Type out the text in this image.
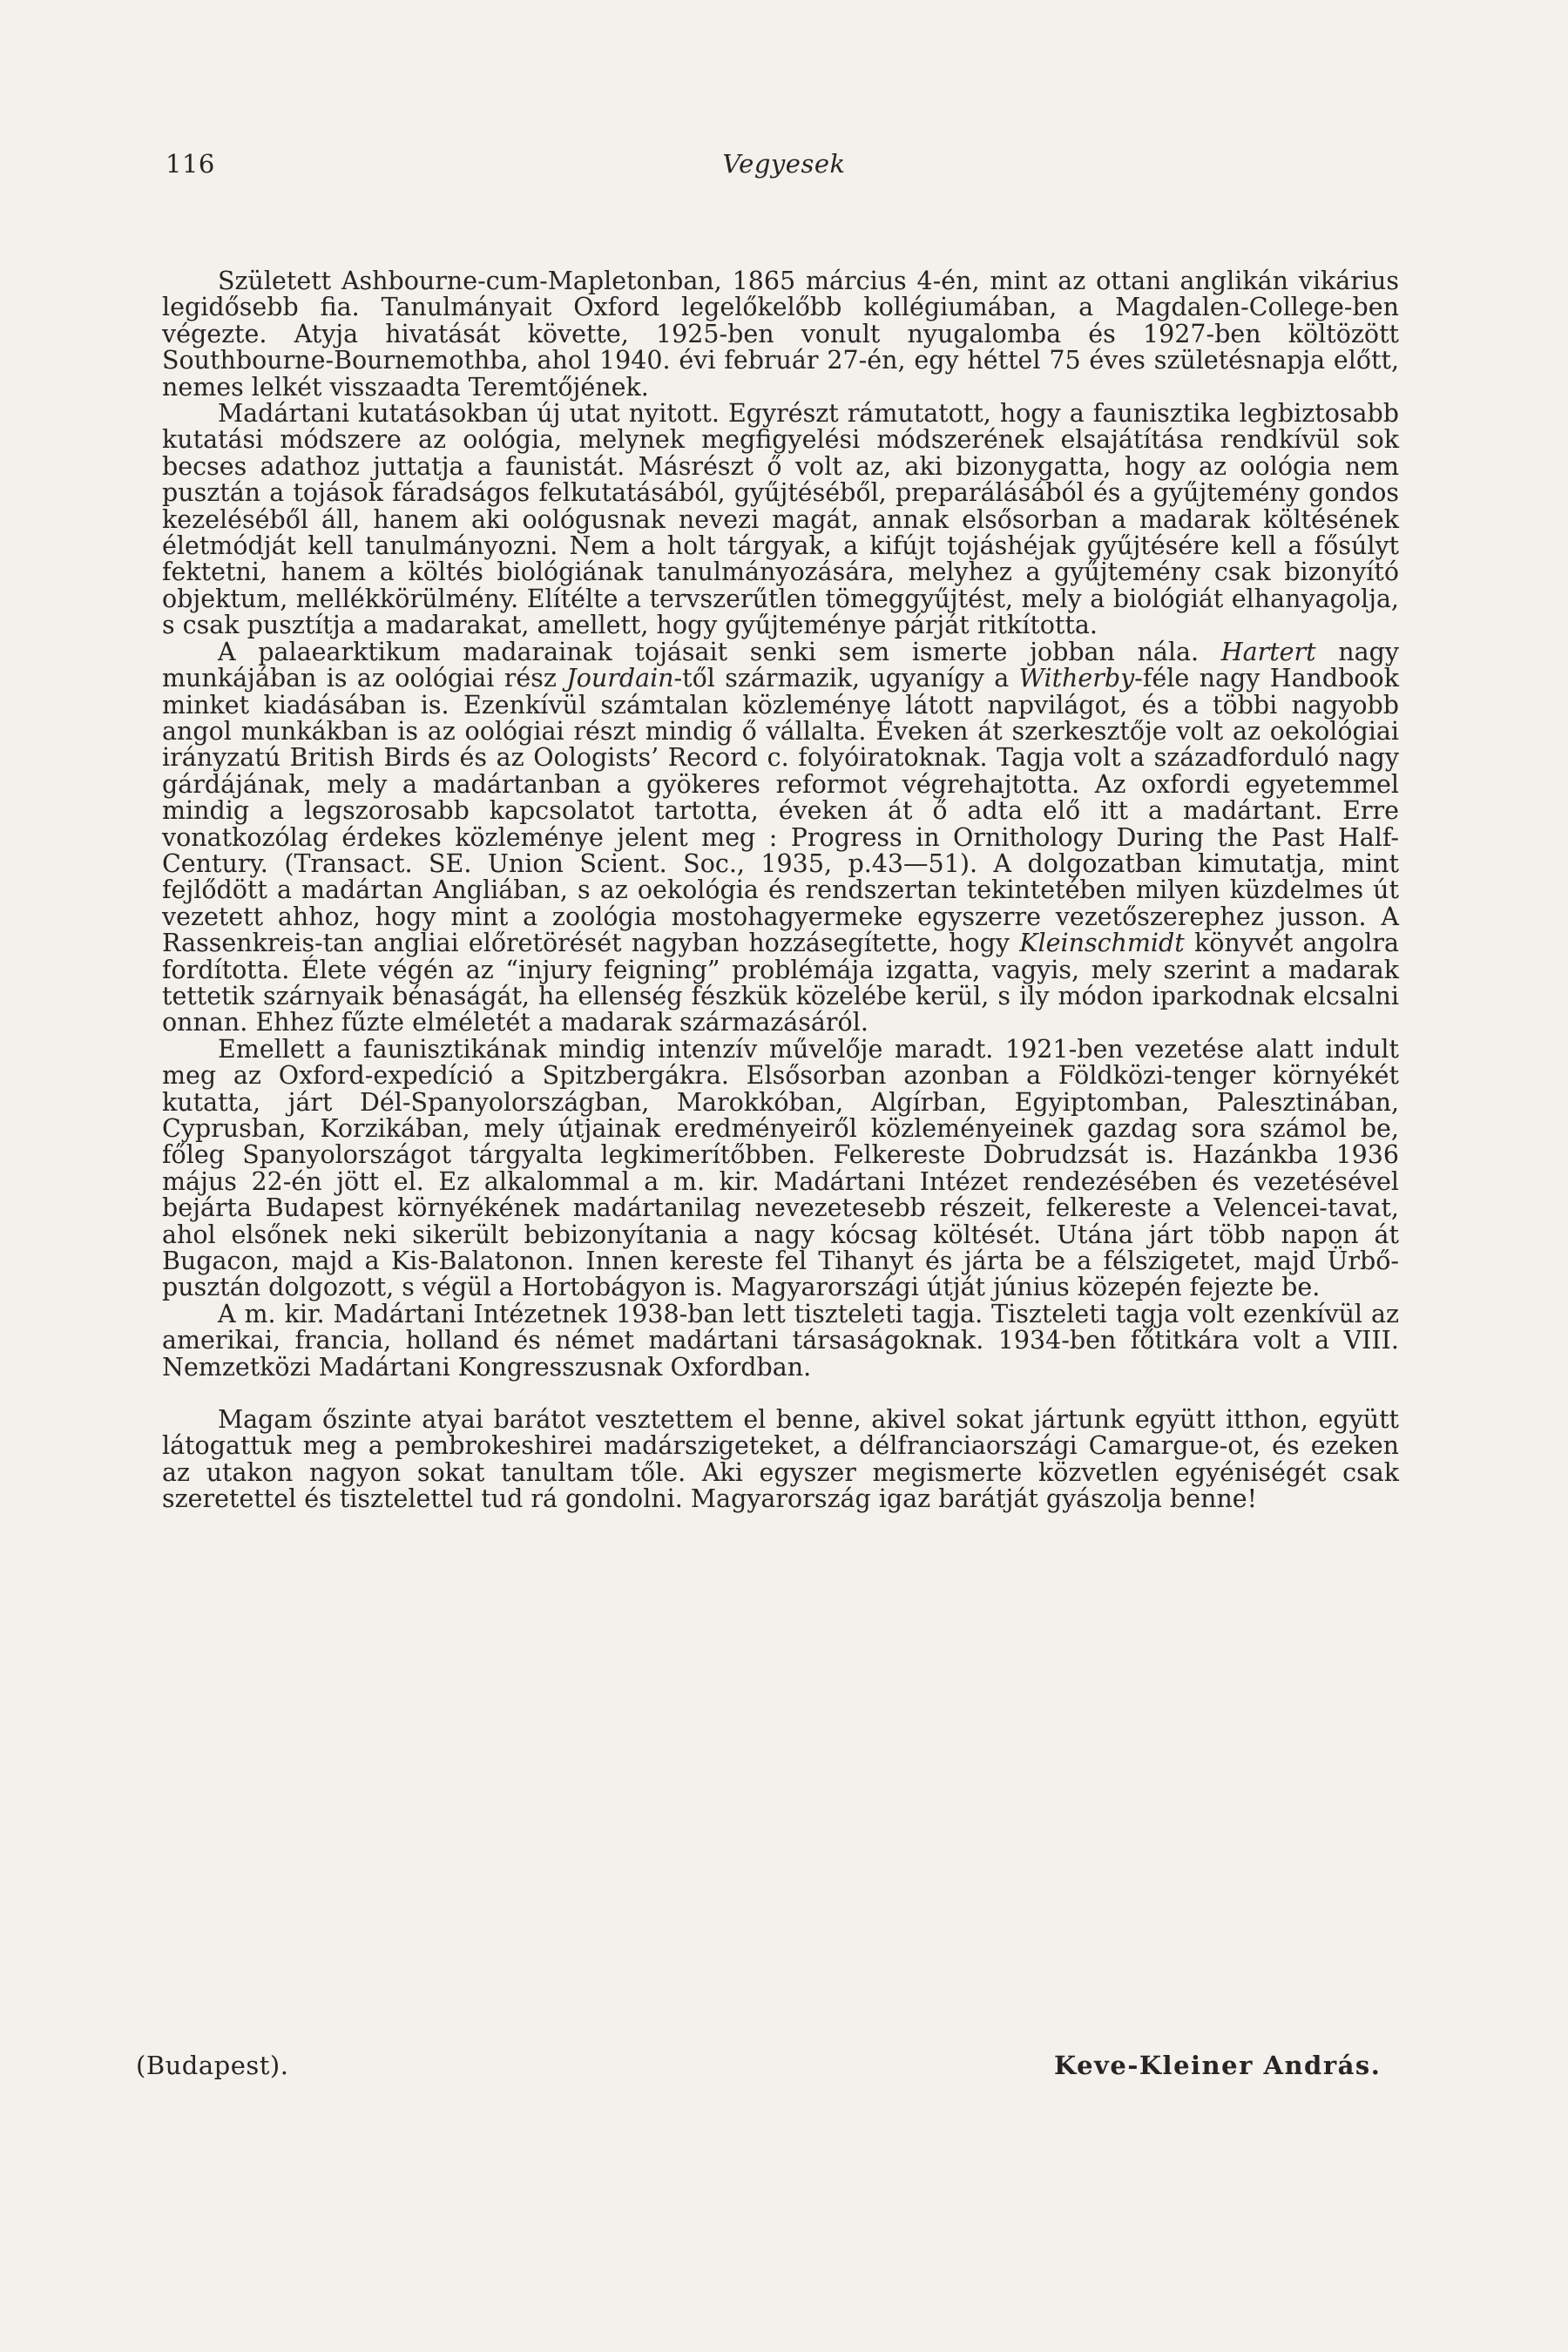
116	Vegyesek

Született Ashbourne-cum-Mapletonban, 1865 március 4-én, mint az ottani anglikán vikárius legidősebb fia. Tanulmányait Oxford legelőkelőbb kollégiumában, a Magdalen-College-ben végezte. Atyja hivatását követte, 1925-ben vonult nyugalomba és 1927-ben költözött Southbourne-Bournemothba, ahol 1940. évi február 27-én, egy héttel 75 éves születésnapja előtt, nemes lelkét visszaadta Teremtőjének.

Madártani kutatásokban új utat nyitott. Egyrészt rámutatott, hogy a faunisztika legbiztosabb kutatási módszere az oológia, melynek megfigyelési módszerének elsajátítása rendkívül sok becses adathoz juttatja a faunistát. Másrészt ő volt az, aki bizonygatta, hogy az oológia nem pusztán a tojások fáradságos felkutatásából, gyűjtéséből, preparálásából és a gyűjtemény gondos kezeléséből áll, hanem aki oológusnak nevezi magát, annak elsősorban a madarak költésének életmódját kell tanulmányozni. Nem a holt tárgyak, a kifújt tojáshéjak gyűjtésére kell a fősúlyt fektetni, hanem a költés biológiának tanulmányozására, melyhez a gyűjtemény csak bizonyító objektum, mellékkörülmény. Elítélte a tervszerűtlen tömeggyűjtést, mely a biológiát elhanyagolja, s csak pusztítja a madarakat, amellett, hogy gyűjteménye párját ritkította.

A palaearktikum madarainak tojásait senki sem ismerte jobban nála. Hartert nagy munkájában is az oológiai rész Jourdain-től származik, ugyanígy a Witherby-féle nagy Handbook minket kiadásában is. Ezenkívül számtalan közleménye látott napvilágot, és a többi nagyobb angol munkákban is az oológiai részt mindig ő vállalta. Éveken át szerkesztője volt az oekológiai irányzatú British Birds és az Oologists’ Record c. folyóiratoknak. Tagja volt a századforduló nagy gárdájának, mely a madártanban a gyökeres reformot végrehajtotta. Az oxfordi egyetemmel mindig a legszorosabb kapcsolatot tartotta, éveken át ő adta elő itt a madártant. Erre vonatkozólag érdekes közleménye jelent meg : Progress in Ornithology During the Past Half-Century. (Transact. SE. Union Scient. Soc., 1935, p.43—51). A dolgozatban kimutatja, mint fejlődött a madártan Angliában, s az oekológia és rendszertan tekintetében milyen küzdelmes út vezetett ahhoz, hogy mint a zoológia mostohagyermeke egyszerre vezetőszerephez jusson. A Rassenkreis-tan angliai előretörését nagyban hozzásegítette, hogy Kleinschmidt könyvét angolra fordította. Élete végén az “injury feigning” problémája izgatta, vagyis, mely szerint a madarak tettetik szárnyaik bénaságát, ha ellenség fészkük közelébe kerül, s ily módon iparkodnak elcsalni onnan. Ehhez fűzte elméletét a madarak származásáról.

Emellett a faunisztikának mindig intenzív művelője maradt. 1921-ben vezetése alatt indult meg az Oxford-expedíció a Spitzbergákra. Elsősorban azonban a Földközi-tenger környékét kutatta, járt Dél-Spanyolországban, Marokkóban, Algírban, Egyiptomban, Palesztinában, Cyprusban, Korzikában, mely útjainak eredményeiről közleményeinek gazdag sora számol be, főleg Spanyolországot tárgyalta legkimerítőbben. Felkereste Dobrudzsát is. Hazánkba 1936 május 22-én jött el. Ez alkalommal a m. kir. Madártani Intézet rendezésében és vezetésével bejárta Budapest környékének madártanilag nevezetesebb részeit, felkereste a Velencei-tavat, ahol elsőnek neki sikerült bebizonyítania a nagy kócsag költését. Utána járt több napon át Bugacon, majd a Kis-Balatonon. Innen kereste fel Tihanyt és járta be a félszigetet, majd Ürbő-pusztán dolgozott, s végül a Hortobágyon is. Magyarországi útját június közepén fejezte be.

A m. kir. Madártani Intézetnek 1938-ban lett tiszteleti tagja. Tiszteleti tagja volt ezenkívül az amerikai, francia, holland és német madártani társaságoknak. 1934-ben főtitkára volt a VIII. Nemzetközi Madártani Kongresszusnak Oxfordban.

Magam őszinte atyai barátot vesztettem el benne, akivel sokat jártunk együtt itthon, együtt látogattuk meg a pembrokeshirei madárszigeteket, a délfranciaországi Camargue-ot, és ezeken az utakon nagyon sokat tanultam tőle. Aki egyszer megismerte közvetlen egyéniségét csak szeretettel és tisztelettel tud rá gondolni. Magyarország igaz barátját gyászolja benne!

(Budapest).	Keve-Kleiner András.
